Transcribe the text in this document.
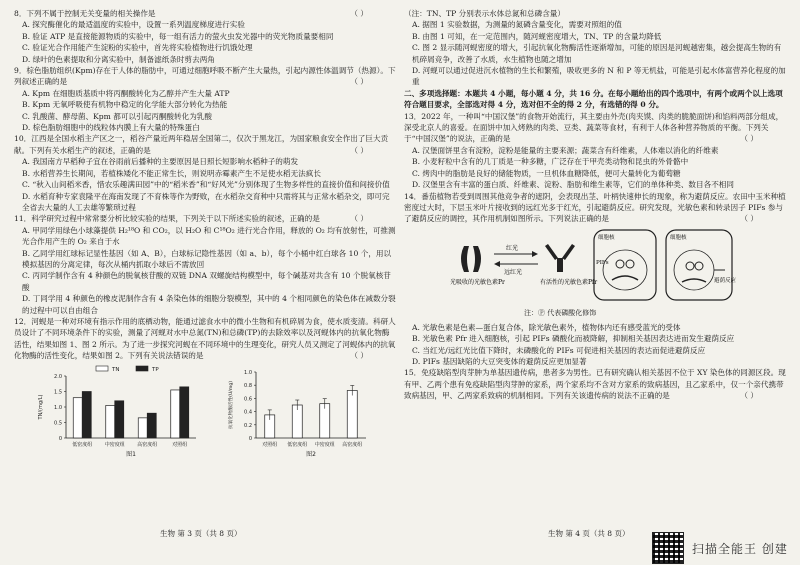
8．下列不属于控制无关变量的相关操作是	（ ）

A. 探究酶催化的最适温度的实验中，设置一系列温度梯度进行实验

B. 验证 ATP 是直接能源物质的实验中，每一组有活力的萤火虫发光器中的荧光物质量要相同

C. 验证光合作用能产生淀粉的实验中，首先将实验植物进行饥饿处理

D. 绿叶的色素提取和分离实验中，制备滤纸条时剪去两角

9．棕色脂肪组织(Kpm)存在于人体的脂肪中，可通过细胞呼吸不断产生大量热，引起内源性体温调节（热源）。下列叙述正确的是	（ ）

A. Kpm 在细胞质基质中将丙酮酸转化为乙醇并产生大量 ATP

B. Kpm 无氧呼吸使有机物中稳定的化学能大部分转化为热能

C. 乳酸菌、酵母菌、Kpm 都可以引起丙酮酸转化为乳酸

D. 棕色脂肪细胞中的线粒体内膜上有大量的特殊蛋白

10．江西是全国水稻主产区之一，稻谷产量近两年稳居全国第二，仅次于黑龙江，为国家粮食安全作出了巨大贡献。下列有关水稻生产的叙述，正确的是	（ ）

A. 我国南方早稻种子宜在谷雨前后播种的主要原因是日照长短影响水稻种子的萌发

B. 水稻营养生长期间，若植株矮化不能正常生长，则说明赤霉素产生不足使水稻无法疯长

C. “秋入山间稻米香，惜农乐趣满田园”中的“稻米香”和“好风光”分别体现了生物多样性的直接价值和间接价值

D. 水稻育种专家袁隆平在海南发现了不育株等作为野败，在水稻杂交育种中只需将其与正常水稻杂交，即可完全省去大量的人工去雄等繁琐过程

11．科学研究过程中常常要分析比较实验的结果，下列关于以下所述实验的叙述，正确的是	（ ）

A. 甲同学用绿色小球藻提供 H₂¹⁸O 和 CO₂，以 H₂O 和 C¹⁸O₂ 进行光合作用，释放的 O₂ 均有放射性，可推测光合作用产生的 O₂ 来自于水

B. 乙同学用红球标记显性基因（如 A、B），白球标记隐性基因（如 a、b），每个小桶中红白球各 10 个，用以模拟基因的分离定律，每次从桶内抓取小球后不需放回

C. 丙同学制作含有 4 种颜色的脱氧核苷酸的双链 DNA 双螺旋结构模型中，每个碱基对共含有 10 个脱氧核苷酸

D. 丁同学用 4 种颜色的橡皮泥制作含有 4 条染色体的细胞分裂模型，其中的 4 个相同颜色的染色体在减数分裂的过程中可以自由组合

12．河蚬是一种对环境有指示作用的底栖动物，能通过滤食水中的微小生物和有机碎屑为食，使水质变清。科研人员设计了不同环境条件下的实验，测量了河蚬对水中总氮(TN)和总磷(TP)的去除效率以及河蚬体内的抗氧化物酶活性，结果如图 1、图 2 所示。为了进一步探究河蚬在不同环境中的生理变化，研究人员又测定了河蚬体内的抗氧化物酶的活性变化，结果如图 2。下列有关说法错误的是	（ ）

0
0.5
1.0
1.5
2.0
TN/(mg/L)
低密度组 中密度组 高密度组	对照组
TN	TP
图1
0
0.2
0.4
0.6
0.8
1.0
抗氧化物酶活性(U/mg)
对照组 低密度组 中密度组 高密度组
图2

（注：TN、TP 分别表示水体总氮和总磷含量）

A. 据图 1 实验数据，为测量的氮磷含量变化，需要对照组的值

B. 由图 1 可知，在一定范围内，随河蚬密度增大，TN、TP 的含量均降低

C. 图 2 显示随河蚬密度的增大，引起抗氧化物酶活性逐渐增加，可能的原因是河蚬越密集，越会提高生物的有机碎屑竞争，改善了水质，水生植物也随之增加

D. 河蚬可以通过促进沉水植物的生长和繁殖，吸收更多的 N 和 P 等无机盐，可能是引起水体富营养化程度的加重

二、多项选择题：本题共 4 小题，每小题 4 分，共 16 分。在每小题给出的四个选项中，有两个或两个以上选项符合题目要求，全部选对得 4 分，选对但不全的得 2 分，有选错的得 0 分。

13．2022 年，一种叫“中国汉堡”的食物开始流行，其主要由外壳(肉夹馍、肉类的脆脆面饼)和馅料两部分组成，深受北京人的喜爱。在面饼中加入烤熟的肉类、豆类、蔬菜等食材，有利于人体各种营养物质的平衡。下列关于“中国汉堡”的说法，正确的是	（ ）

A. 汉堡面饼里含有淀粉，淀粉是能量的主要来源；蔬菜含有纤维素，人体难以消化的纤维素

B. 小麦籽粒中含有的几丁质是一种多糖，广泛存在于甲壳类动物和昆虫的外骨骼中

C. 烤肉中的脂肪是良好的储能物质，一旦机体血糖降低，便可大量转化为葡萄糖

D. 汉堡里含有丰富的蛋白质、纤维素、淀粉、脂肪和维生素等，它们的单体种类、数目各不相同

14．番茄植物若受到周围其他竞争者的遮阴，会表现出茎、叶柄快速伸长的现象，称为避荫反应。农田中玉米种植密度过大时，下层玉米叶片接收到的远红光多于红光，引起避荫反应。研究发现，光敏色素和转录因子 PIFs 参与了避荫反应的调控，其作用机制如图所示。下列说法正确的是	（ ）

光吸收的光敏色素Pr
红光
远红光
有活性的光敏色素Pfr
细胞核
PIFs
细胞核
避荫反应
注：Ⓟ 代表磷酸化修饰

A. 光敏色素是色素—蛋白复合体，除光敏色素外，植物体内还有感受蓝光的受体

B. 光敏色素 Pfr 进入细胞核，引起 PIFs 磷酸化而被降解，抑制相关基因表达进而发生避荫反应

C. 当红光/远红光比值下降时，未磷酸化的 PIFs 可促进相关基因的表达而促进避荫反应

D. PIFs 基因缺陷的大豆突变体的避荫反应更加显著

15．免疫缺陷型肉芽肿为单基因遗传病，患者多为男性。已有研究确认相关基因不位于 XY 染色体的同源区段。现有甲、乙两个患有免疫缺陷型肉芽肿的家系，两个家系均不含对方家系的致病基因，且乙家系中，仅一个亲代携带致病基因，甲、乙两家系致病的机制相同。下列有关该遗传病的说法不正确的是	（ ）

生物 第 3 页（共 8 页）	生物 第 4 页（共 8 页）
扫描全能王 创建
